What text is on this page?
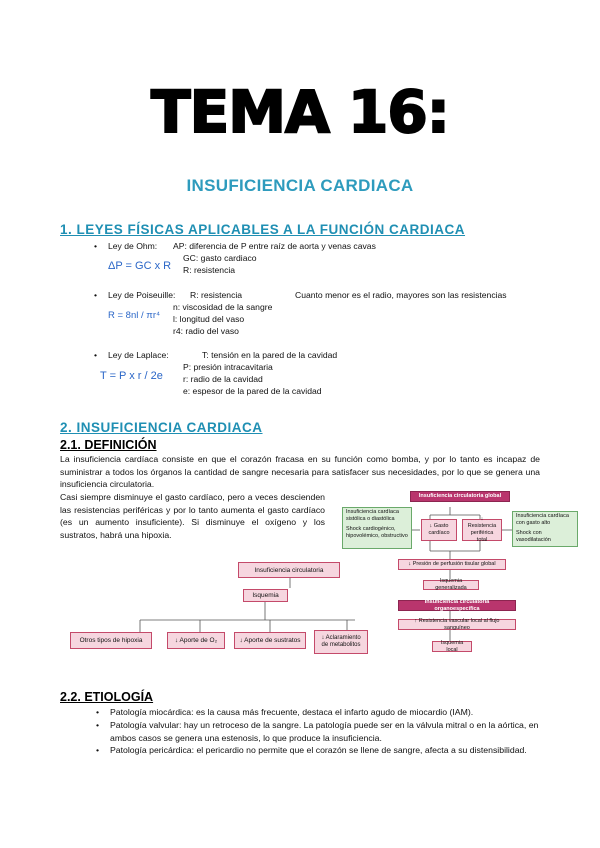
TEMA 16:
INSUFICIENCIA CARDIACA
1. LEYES FÍSICAS APLICABLES A LA FUNCIÓN CARDIACA
• Ley de Ohm: AP: diferencia de P entre raíz de aorta y venas cavas
GC: gasto cardiaco
R: resistencia
ΔP = GC x R
• Ley de Poiseuille: R: resistencia	Cuanto menor es el radio, mayores son las resistencias
n: viscosidad de la sangre
l: longitud del vaso
r4: radio del vaso
R = 8nl / πr⁴
• Ley de Laplace:	T: tensión en la pared de la cavidad
P: presión intracavitaria
r: radio de la cavidad
e: espesor de la pared de la cavidad
T = P x r / 2e
2. INSUFICIENCIA CARDIACA
2.1. DEFINICIÓN
La insuficiencia cardíaca consiste en que el corazón fracasa en su función como bomba, y por lo tanto es incapaz de suministrar a todos los órganos la cantidad de sangre necesaria para satisfacer sus necesidades, por lo que se genera una insuficiencia circulatoria.
Casi siempre disminuye el gasto cardíaco, pero a veces descienden las resistencias periféricas y por lo tanto aumenta el gasto cardíaco (es un aumento insuficiente). Si disminuye el oxígeno y los sustratos, habrá una hipoxia.
Insuficiencia circulatoria
Isquemia
Otros tipos de hipoxia	↓ Aporte de O₂	↓ Aporte de sustratos	↓ Aclaramiento de metabolitos
Insuficiencia circulatoria global
Insuficiencia cardíaca sistólica o diastólica
Shock cardiogénico, hipovolémico, obstructivo
↓ Gasto cardíaco
↓ Resistencia periférica total
Insuficiencia cardíaca con gasto alto
Shock con vasodilatación
↓ Presión de perfusión tisular global
Isquemia generalizada
Insuficiencia circulatoria organoespecífica
↑ Resistencia vascular local al flujo sanguíneo
Isquemia local
2.2. ETIOLOGÍA
• Patología miocárdica: es la causa más frecuente, destaca el infarto agudo de miocardio (IAM).
• Patología valvular: hay un retroceso de la sangre. La patología puede ser en la válvula mitral o en la aórtica, en ambos casos se genera una estenosis, lo que produce la insuficiencia.
• Patología pericárdica: el pericardio no permite que el corazón se llene de sangre, afecta a su distensibilidad.
